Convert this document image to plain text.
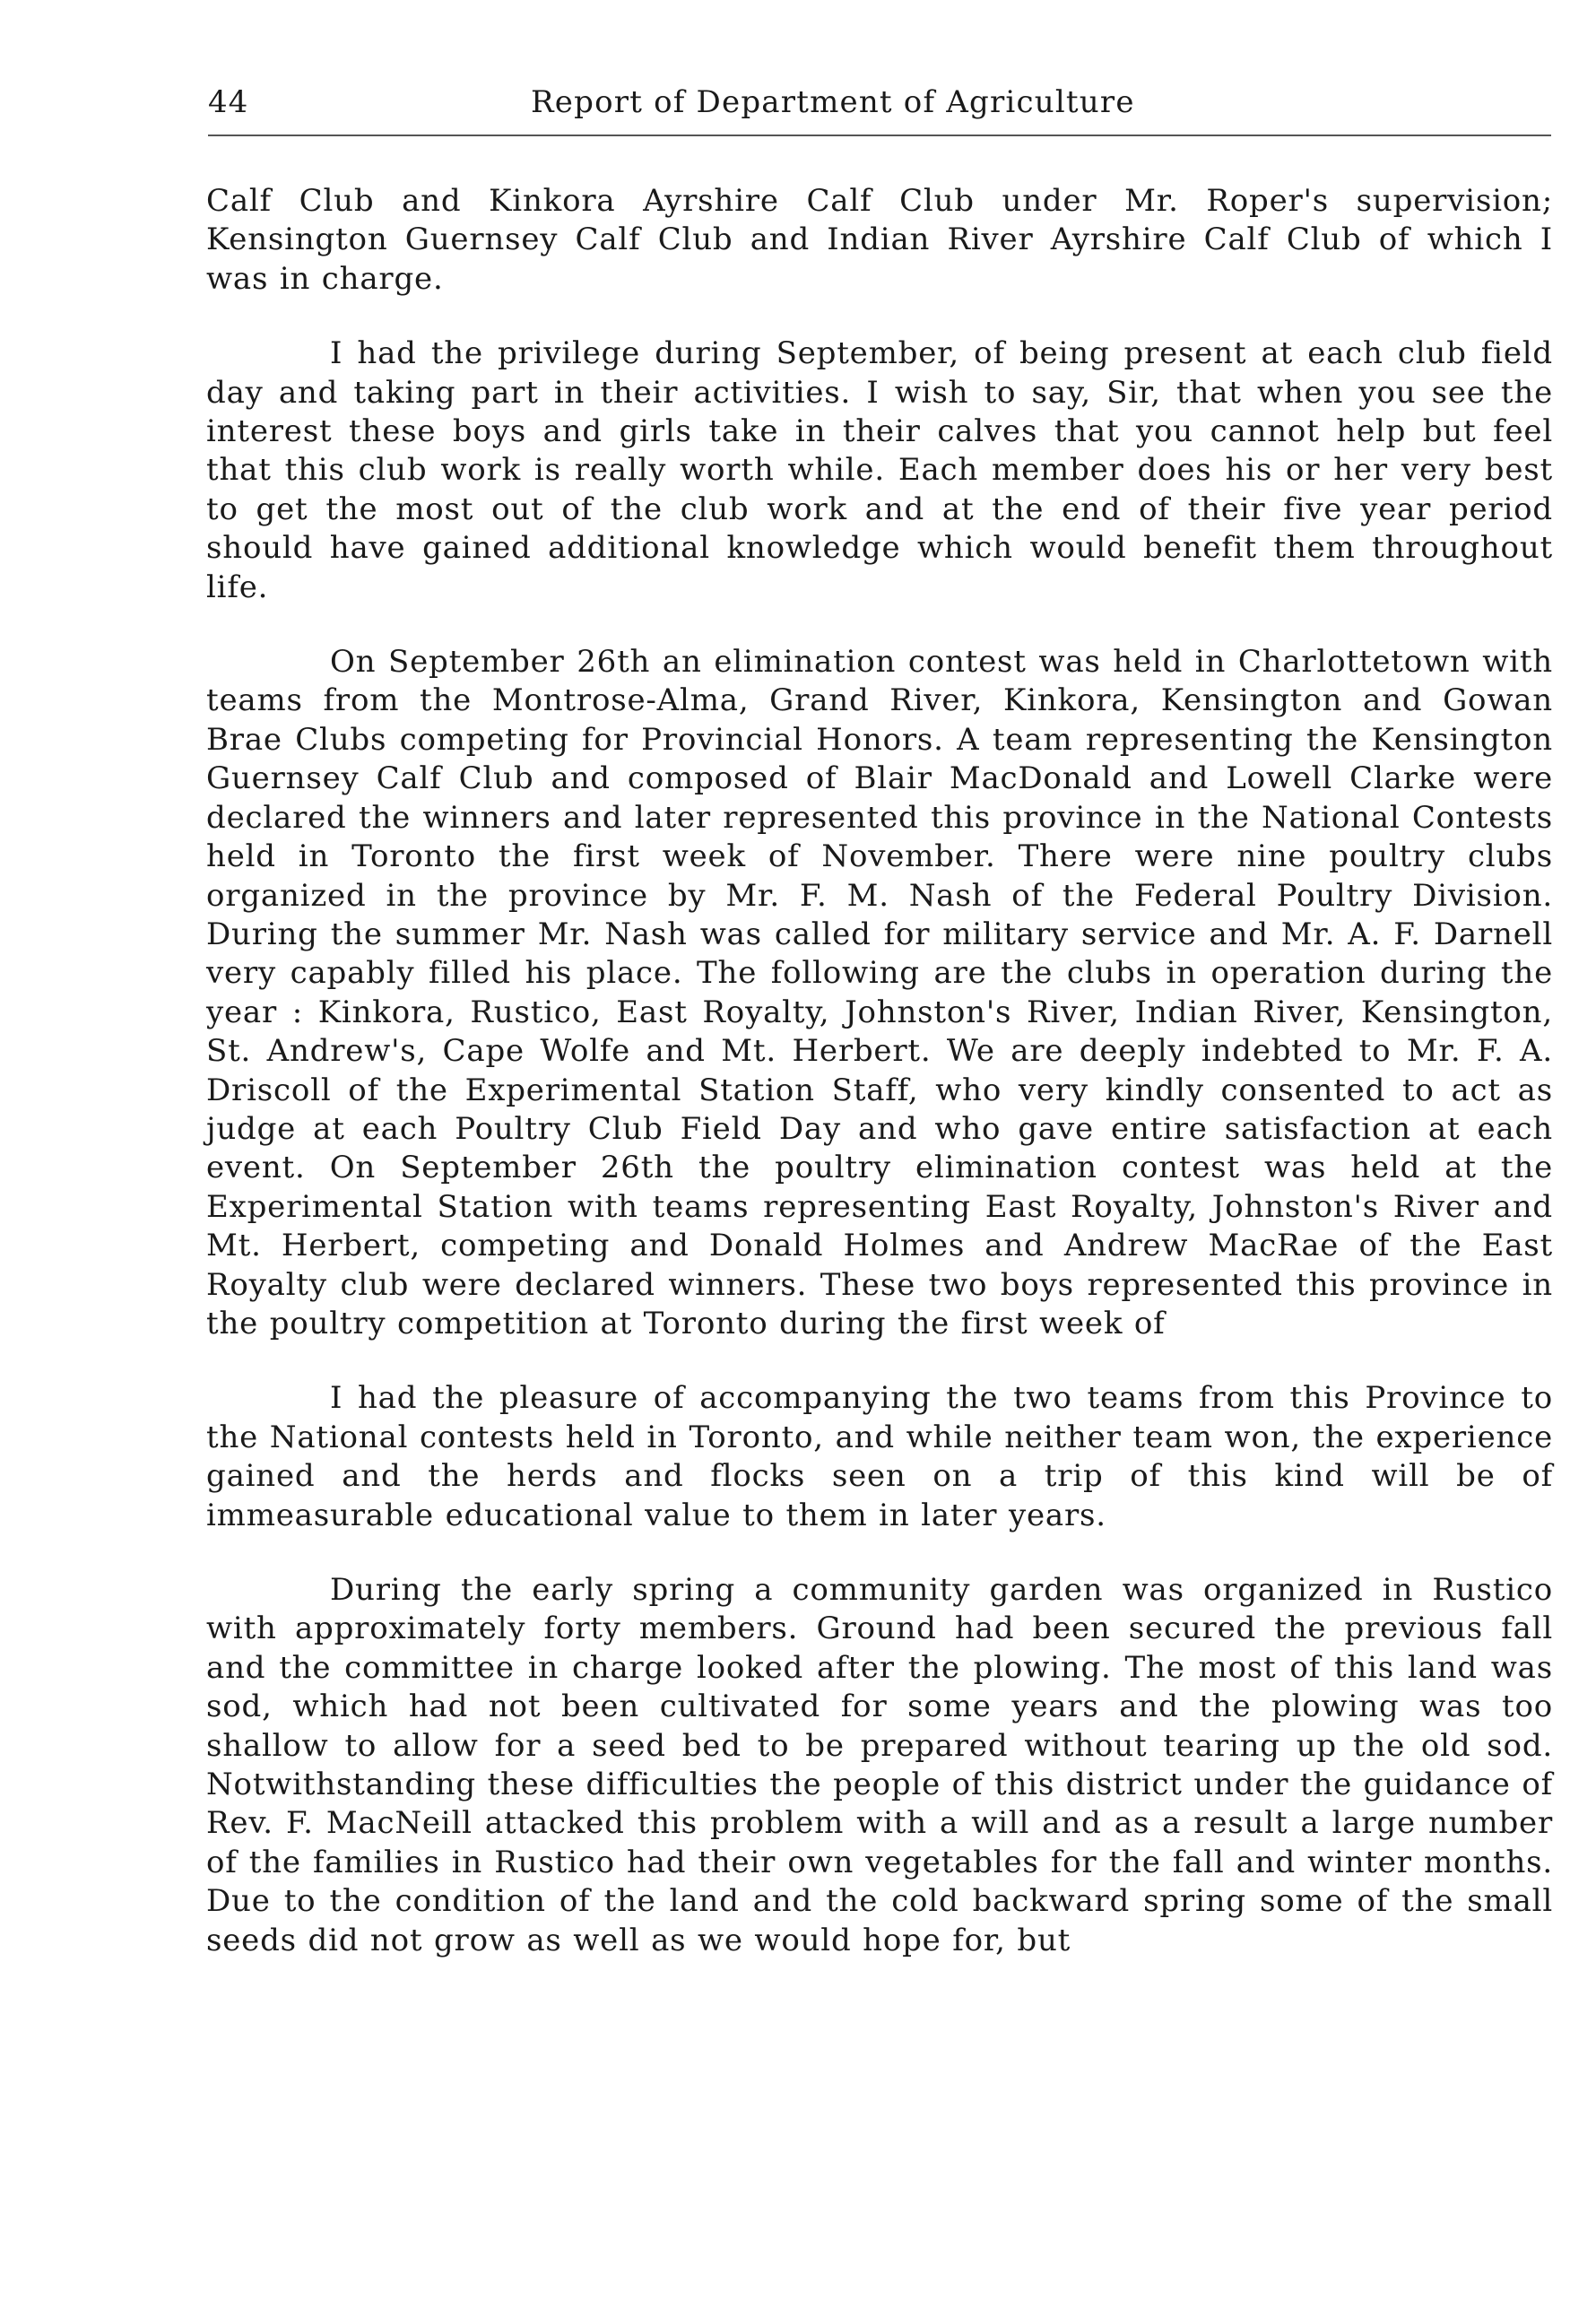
44	Report of Department of Agriculture

Calf Club and Kinkora Ayrshire Calf Club under Mr. Roper's supervision; Kensington Guernsey Calf Club and Indian River Ayrshire Calf Club of which I was in charge.

I had the privilege during September, of being present at each club field day and taking part in their activities. I wish to say, Sir, that when you see the interest these boys and girls take in their calves that you cannot help but feel that this club work is really worth while. Each member does his or her very best to get the most out of the club work and at the end of their five year period should have gained additional knowledge which would benefit them throughout life.

On September 26th an elimination contest was held in Charlottetown with teams from the Montrose-Alma, Grand River, Kinkora, Kensington and Gowan Brae Clubs competing for Provincial Honors. A team representing the Kensington Guernsey Calf Club and composed of Blair MacDonald and Lowell Clarke were declared the winners and later represented this province in the National Contests held in Toronto the first week of November. There were nine poultry clubs organized in the province by Mr. F. M. Nash of the Federal Poultry Division. During the summer Mr. Nash was called for military service and Mr. A. F. Darnell very capably filled his place. The following are the clubs in operation during the year : Kinkora, Rustico, East Royalty, Johnston's River, Indian River, Kensington, St. Andrew's, Cape Wolfe and Mt. Herbert. We are deeply indebted to Mr. F. A. Driscoll of the Experimental Station Staff, who very kindly consented to act as judge at each Poultry Club Field Day and who gave entire satisfaction at each event. On September 26th the poultry elimination contest was held at the Experimental Station with teams representing East Royalty, Johnston's River and Mt. Herbert, competing and Donald Holmes and Andrew MacRae of the East Royalty club were declared winners. These two boys represented this province in the poultry competition at Toronto during the first week of

I had the pleasure of accompanying the two teams from this Province to the National contests held in Toronto, and while neither team won, the experience gained and the herds and flocks seen on a trip of this kind will be of immeasurable educational value to them in later years.

During the early spring a community garden was organized in Rustico with approximately forty members. Ground had been secured the previous fall and the committee in charge looked after the plowing. The most of this land was sod, which had not been cultivated for some years and the plowing was too shallow to allow for a seed bed to be prepared without tearing up the old sod. Notwithstanding these difficulties the people of this district under the guidance of Rev. F. MacNeill attacked this problem with a will and as a result a large number of the families in Rustico had their own vegetables for the fall and winter months. Due to the condition of the land and the cold backward spring some of the small seeds did not grow as well as we would hope for, but
